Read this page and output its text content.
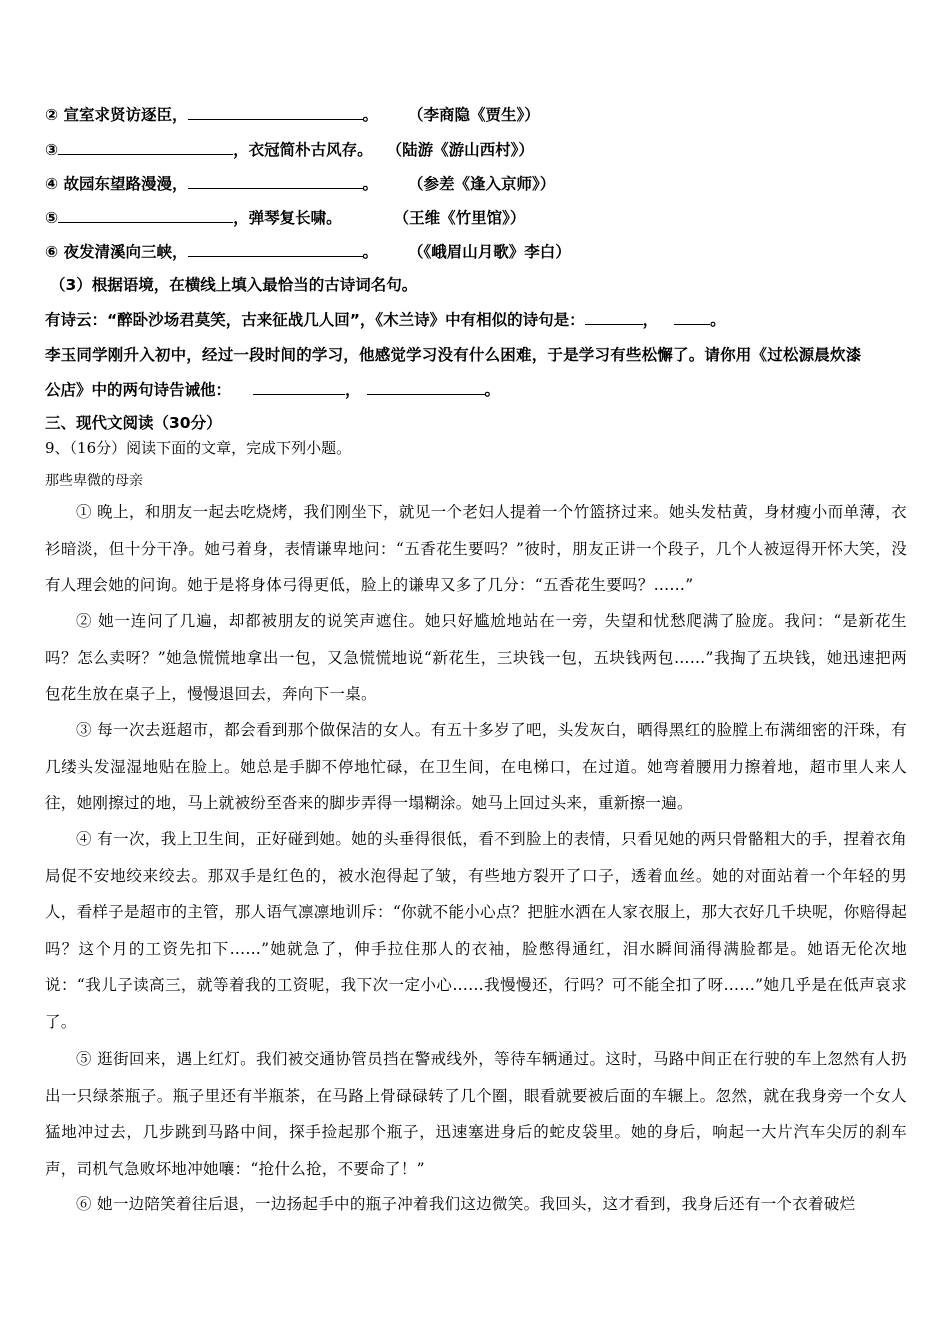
② 宣室求贤访逐臣，	。 （李商隐《贾生》）
③	，衣冠简朴古风存。 （陆游《游山西村》）
④ 故园东望路漫漫，	。 （参差《逢入京师》）
⑤	，弹琴复长啸。	（王维《竹里馆》）
⑥ 夜发清溪向三峡，	。 （《峨眉山月歌》李白）
（3）根据语境，在横线上填入最恰当的古诗词名句。
有诗云：“醉卧沙场君莫笑，古来征战几人回”，《木兰诗》中有相似的诗句是：	，	。
李玉同学刚升入初中，经过一段时间的学习，他感觉学习没有什么困难，于是学习有些松懈了。请你用《过松源晨炊漆
公店》中的两句诗告诫他：	，	。
三、现代文阅读（30分）
9、（16分）阅读下面的文章，完成下列小题。
那些卑微的母亲
① 晚上，和朋友一起去吃烧烤，我们刚坐下，就见一个老妇人提着一个竹篮挤过来。她头发枯黄，身材瘦小而单薄，衣衫暗淡，但十分干净。她弓着身，表情谦卑地问：“五香花生要吗？”彼时，朋友正讲一个段子，几个人被逗得开怀大笑，没有人理会她的问询。她于是将身体弓得更低，脸上的谦卑又多了几分：“五香花生要吗？……”
② 她一连问了几遍，却都被朋友的说笑声遮住。她只好尴尬地站在一旁，失望和忧愁爬满了脸庞。我问：“是新花生吗？怎么卖呀？”她急慌慌地拿出一包，又急慌慌地说“新花生，三块钱一包，五块钱两包……”我掏了五块钱，她迅速把两包花生放在桌子上，慢慢退回去，奔向下一桌。
③ 每一次去逛超市，都会看到那个做保洁的女人。有五十多岁了吧，头发灰白，晒得黑红的脸膛上布满细密的汗珠，有几缕头发湿湿地贴在脸上。她总是手脚不停地忙碌，在卫生间，在电梯口，在过道。她弯着腰用力擦着地，超市里人来人往，她刚擦过的地，马上就被纷至沓来的脚步弄得一塌糊涂。她马上回过头来，重新擦一遍。
④ 有一次，我上卫生间，正好碰到她。她的头垂得很低，看不到脸上的表情，只看见她的两只骨骼粗大的手，捏着衣角局促不安地绞来绞去。那双手是红色的，被水泡得起了皱，有些地方裂开了口子，透着血丝。她的对面站着一个年轻的男人，看样子是超市的主管，那人语气凛凛地训斥：“你就不能小心点？把脏水洒在人家衣服上，那大衣好几千块呢，你赔得起吗？这个月的工资先扣下……”她就急了，伸手拉住那人的衣袖，脸憋得通红，泪水瞬间涌得满脸都是。她语无伦次地说：“我儿子读高三，就等着我的工资呢，我下次一定小心……我慢慢还，行吗？可不能全扣了呀……”她几乎是在低声哀求了。
⑤ 逛街回来，遇上红灯。我们被交通协管员挡在警戒线外，等待车辆通过。这时，马路中间正在行驶的车上忽然有人扔出一只绿茶瓶子。瓶子里还有半瓶茶，在马路上骨碌碌转了几个圈，眼看就要被后面的车辗上。忽然，就在我身旁一个女人猛地冲过去，几步跳到马路中间，探手捡起那个瓶子，迅速塞进身后的蛇皮袋里。她的身后，响起一大片汽车尖厉的刹车声，司机气急败坏地冲她嚷：“抢什么抢，不要命了！”
⑥ 她一边陪笑着往后退，一边扬起手中的瓶子冲着我们这边微笑。我回头，这才看到，我身后还有一个衣着破烂
